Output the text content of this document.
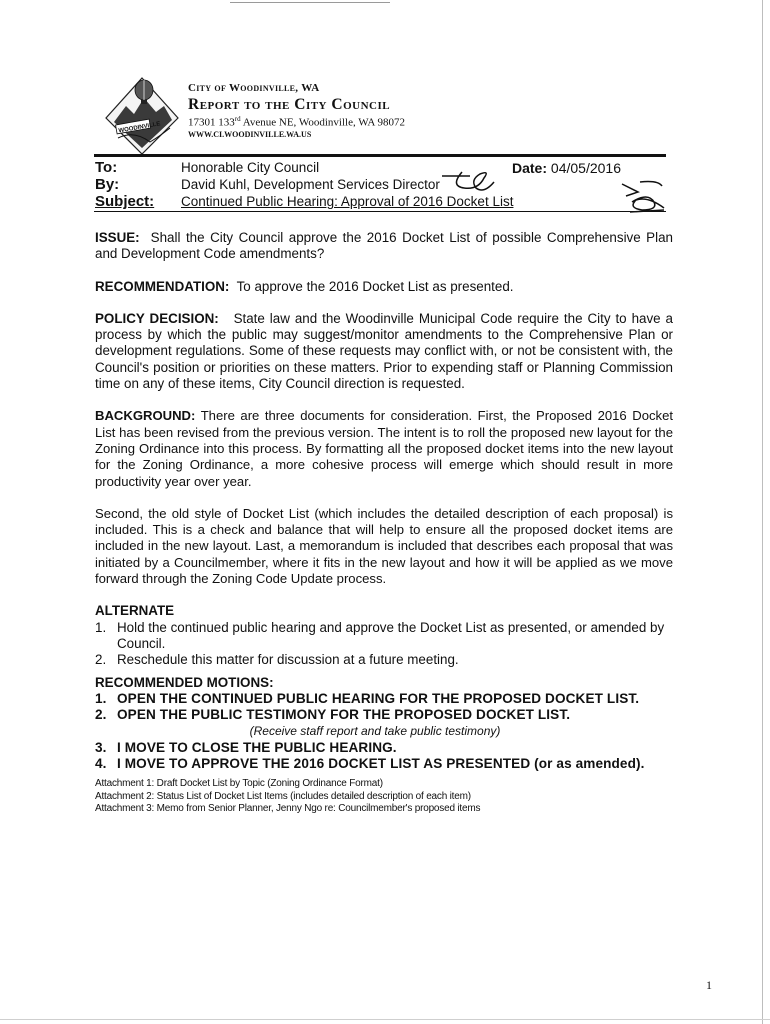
WOODINVILLE
City of Woodinville, WA
Report to the City Council
17301 133rd Avenue NE, Woodinville, WA 98072
WWW.CI.WOODINVILLE.WA.US
To:	Honorable City Council
By:	David Kuhl, Development Services Director
Subject: Continued Public Hearing: Approval of 2016 Docket List
Date: 04/05/2016

ISSUE: Shall the City Council approve the 2016 Docket List of possible Comprehensive Plan and Development Code amendments?

RECOMMENDATION: To approve the 2016 Docket List as presented.

POLICY DECISION: State law and the Woodinville Municipal Code require the City to have a process by which the public may suggest/monitor amendments to the Comprehensive Plan or development regulations. Some of these requests may conflict with, or not be consistent with, the Council's position or priorities on these matters. Prior to expending staff or Planning Commission time on any of these items, City Council direction is requested.

BACKGROUND: There are three documents for consideration. First, the Proposed 2016 Docket List has been revised from the previous version. The intent is to roll the proposed new layout for the Zoning Ordinance into this process. By formatting all the proposed docket items into the new layout for the Zoning Ordinance, a more cohesive process will emerge which should result in more productivity year over year.

Second, the old style of Docket List (which includes the detailed description of each proposal) is included. This is a check and balance that will help to ensure all the proposed docket items are included in the new layout. Last, a memorandum is included that describes each proposal that was initiated by a Councilmember, where it fits in the new layout and how it will be applied as we move forward through the Zoning Code Update process.

ALTERNATE

1. Hold the continued public hearing and approve the Docket List as presented, or amended by Council.
2. Reschedule this matter for discussion at a future meeting.

RECOMMENDED MOTIONS:

1. OPEN THE CONTINUED PUBLIC HEARING FOR THE PROPOSED DOCKET LIST.
2. OPEN THE PUBLIC TESTIMONY FOR THE PROPOSED DOCKET LIST.
(Receive staff report and take public testimony)
3. I MOVE TO CLOSE THE PUBLIC HEARING.
4. I MOVE TO APPROVE THE 2016 DOCKET LIST AS PRESENTED (or as amended).
Attachment 1: Draft Docket List by Topic (Zoning Ordinance Format)
Attachment 2: Status List of Docket List Items (includes detailed description of each item)
Attachment 3: Memo from Senior Planner, Jenny Ngo re: Councilmember's proposed items
1
